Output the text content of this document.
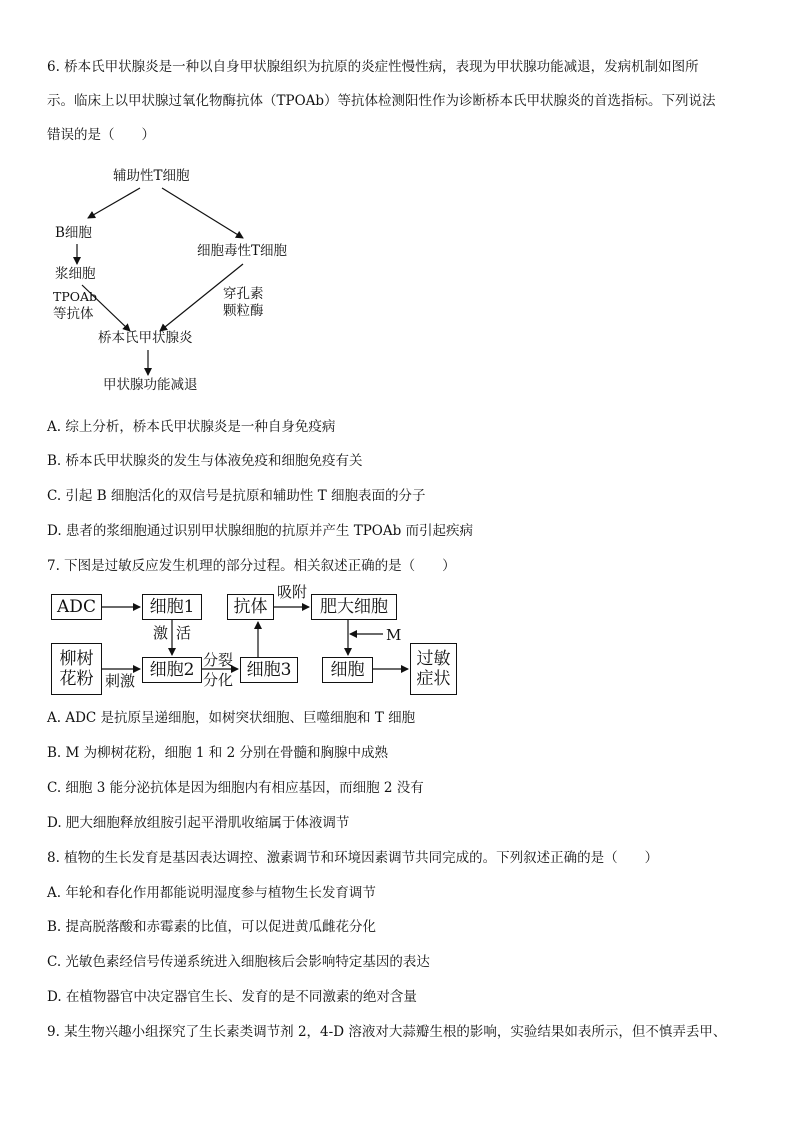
6. 桥本氏甲状腺炎是一种以自身甲状腺组织为抗原的炎症性慢性病，表现为甲状腺功能减退，发病机制如图所
示。临床上以甲状腺过氧化物酶抗体（TPOAb）等抗体检测阳性作为诊断桥本氏甲状腺炎的首选指标。下列说法
错误的是（　　）
辅助性T细胞
B细胞
细胞毒性T细胞
浆细胞
TPOAb
等抗体
穿孔素
颗粒酶
桥本氏甲状腺炎
甲状腺功能减退
A. 综上分析，桥本氏甲状腺炎是一种自身免疫病
B. 桥本氏甲状腺炎的发生与体液免疫和细胞免疫有关
C. 引起 B 细胞活化的双信号是抗原和辅助性 T 细胞表面的分子
D. 患者的浆细胞通过识别甲状腺细胞的抗原并产生 TPOAb 而引起疾病
7. 下图是过敏反应发生机理的部分过程。相关叙述正确的是（　　）
ADC	细胞1	抗体
吸附
肥大细胞
激 活	M
柳树
花粉 刺激
细胞2 分裂
分化 细胞3	细胞
过敏
症状
A. ADC 是抗原呈递细胞，如树突状细胞、巨噬细胞和 T 细胞
B. M 为柳树花粉，细胞 1 和 2 分别在骨髓和胸腺中成熟
C. 细胞 3 能分泌抗体是因为细胞内有相应基因，而细胞 2 没有
D. 肥大细胞释放组胺引起平滑肌收缩属于体液调节
8. 植物的生长发育是基因表达调控、激素调节和环境因素调节共同完成的。下列叙述正确的是（　　）
A. 年轮和春化作用都能说明湿度参与植物生长发育调节
B. 提高脱落酸和赤霉素的比值，可以促进黄瓜雌花分化
C. 光敏色素经信号传递系统进入细胞核后会影响特定基因的表达
D. 在植物器官中决定器官生长、发育的是不同激素的绝对含量
9. 某生物兴趣小组探究了生长素类调节剂 2，4-D 溶液对大蒜瓣生根的影响，实验结果如表所示，但不慎弄丢甲、
